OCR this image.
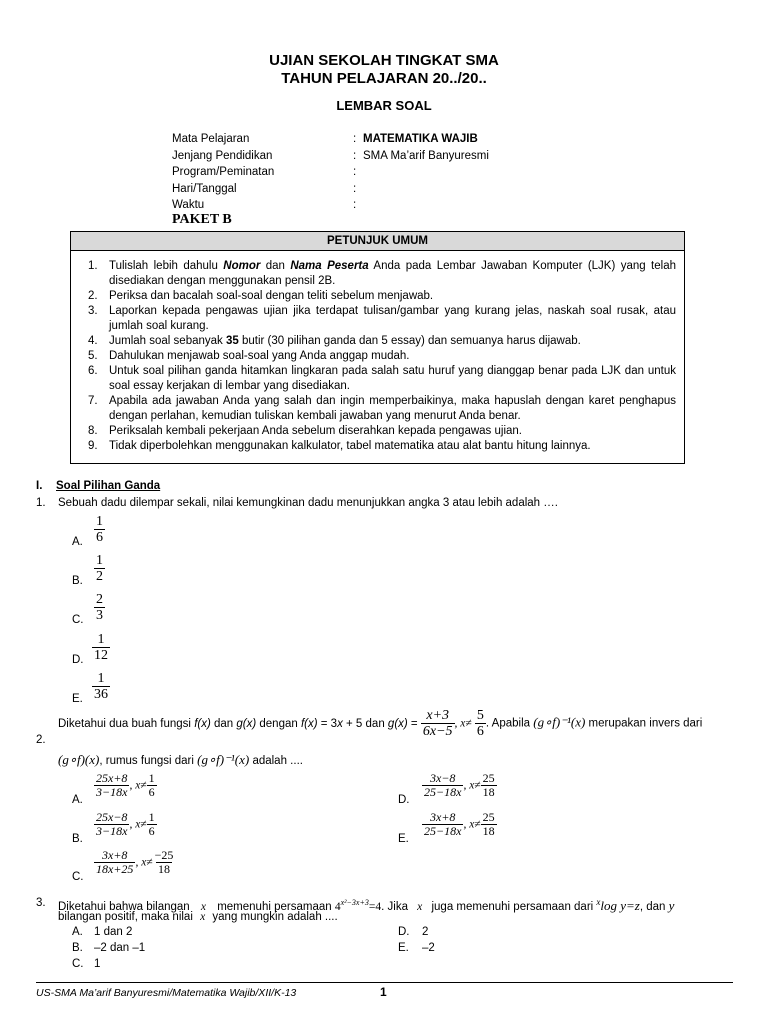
UJIAN SEKOLAH TINGKAT SMA
TAHUN PELAJARAN 20../20..
LEMBAR SOAL
Mata Pelajaran	: MATEMATIKA WAJIB
Jenjang Pendidikan	: SMA Ma’arif Banyuresmi
Program/Peminatan	:
Hari/Tanggal	:
Waktu	:
PAKET B
PETUNJUK UMUM
1. Tulislah lebih dahulu Nomor dan Nama Peserta Anda pada Lembar Jawaban Komputer (LJK) yang telah disediakan dengan menggunakan pensil 2B.
2. Periksa dan bacalah soal-soal dengan teliti sebelum menjawab.
3. Laporkan kepada pengawas ujian jika terdapat tulisan/gambar yang kurang jelas, naskah soal rusak, atau jumlah soal kurang.
4. Jumlah soal sebanyak 35 butir (30 pilihan ganda dan 5 essay) dan semuanya harus dijawab.
5. Dahulukan menjawab soal-soal yang Anda anggap mudah.
6. Untuk soal pilihan ganda hitamkan lingkaran pada salah satu huruf yang dianggap benar pada LJK dan untuk soal essay kerjakan di lembar yang disediakan.
7. Apabila ada jawaban Anda yang salah dan ingin memperbaikinya, maka hapuslah dengan karet penghapus dengan perlahan, kemudian tuliskan kembali jawaban yang menurut Anda benar.
8. Periksalah kembali pekerjaan Anda sebelum diserahkan kepada pengawas ujian.
9. Tidak diperbolehkan menggunakan kalkulator, tabel matematika atau alat bantu hitung lainnya.
I. Soal Pilihan Ganda
1. Sebuah dadu dilempar sekali, nilai kemungkinan dadu menunjukkan angka 3 atau lebih adalah ….
A. $\frac{1}{6}$
B. $\frac{1}{2}$
C. $\frac{2}{3}$
D. $\frac{1}{12}$
E. $\frac{1}{36}$
2.
Diketahui dua buah fungsi f(x) dan g(x) dengan f(x) = 3x + 5 dan $g(x) = \frac{x+3}{6x-5}$ , $x\ne \frac{5}{6}$ . Apabila (g∘f)⁻¹(x) merupakan invers dari
(g∘f)(x), rumus fungsi dari (g∘f)⁻¹(x) adalah ....
A.
$\frac{25x+8}{3-18x}$ , $x\ne \frac{1}{6}$
B.
$\frac{25x-8}{3-18x}$ , $x\ne \frac{1}{6}$
C.
$\frac{3x+8}{18x+25}$ , $x\ne \frac{-25}{18}$
D.
$\frac{3x-8}{25-18x}$ , $x\ne \frac{25}{18}$
E.
$\frac{3x+8}{25-18x}$ , $x\ne \frac{25}{18}$
3. Diketahui bahwa bilangan x memenuhi persamaan $4^{x^2-3x+3}=4$. Jika x juga memenuhi persamaan dari $^x$log y=z, dan y
bilangan positif, maka nilai x yang mungkin adalah ....
A. 1 dan 2
B. –2 dan –1
C. 1
D. 2
E. –2
US-SMA Ma’arif Banyuresmi/Matematika Wajib/XII/K-13	1
